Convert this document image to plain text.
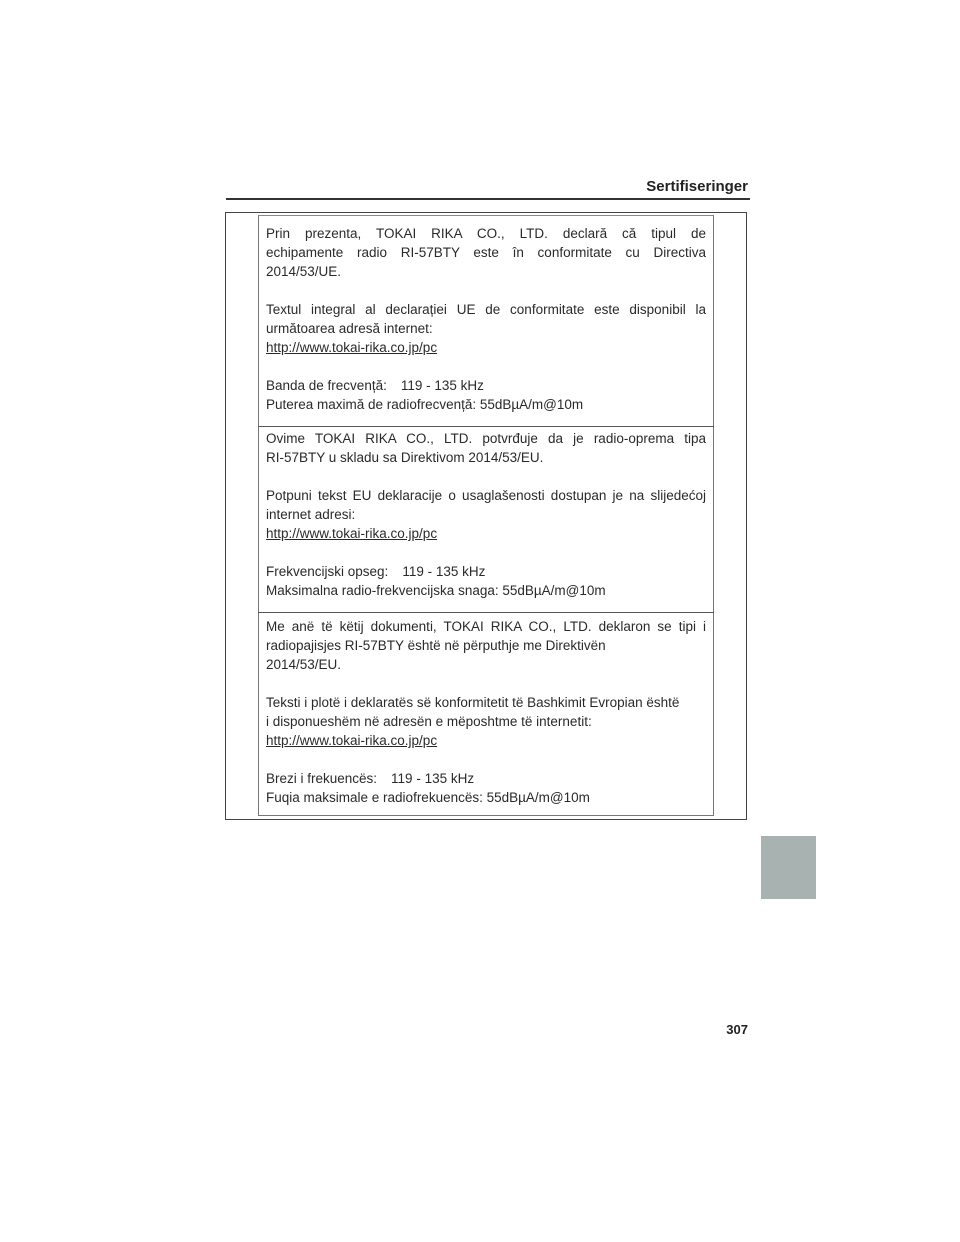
Sertifiseringer

Prin prezenta, TOKAI RIKA CO., LTD. declară că tipul de

echipamente radio RI-57BTY este în conformitate cu Directiva

2014/53/UE.

Textul integral al declarației UE de conformitate este disponibil la

următoarea adresă internet:

http://www.tokai-rika.co.jp/pc

Banda de frecvență: 119 - 135 kHz

Puterea maximă de radiofrecvență: 55dBµA/m@10m

Ovime TOKAI RIKA CO., LTD. potvrđuje da je radio-oprema tipa

RI-57BTY u skladu sa Direktivom 2014/53/EU.

Potpuni tekst EU deklaracije o usaglašenosti dostupan je na slijedećoj

internet adresi:

http://www.tokai-rika.co.jp/pc

Frekvencijski opseg: 119 - 135 kHz

Maksimalna radio-frekvencijska snaga: 55dBµA/m@10m

Me anë të këtij dokumenti, TOKAI RIKA CO., LTD. deklaron se tipi i

radiopajisjes RI-57BTY është në përputhje me Direktivën

2014/53/EU.

Teksti i plotë i deklaratës së konformitetit të Bashkimit Evropian është

i disponueshëm në adresën e mëposhtme të internetit:

http://www.tokai-rika.co.jp/pc

Brezi i frekuencës: 119 - 135 kHz

Fuqia maksimale e radiofrekuencës: 55dBµA/m@10m

307
